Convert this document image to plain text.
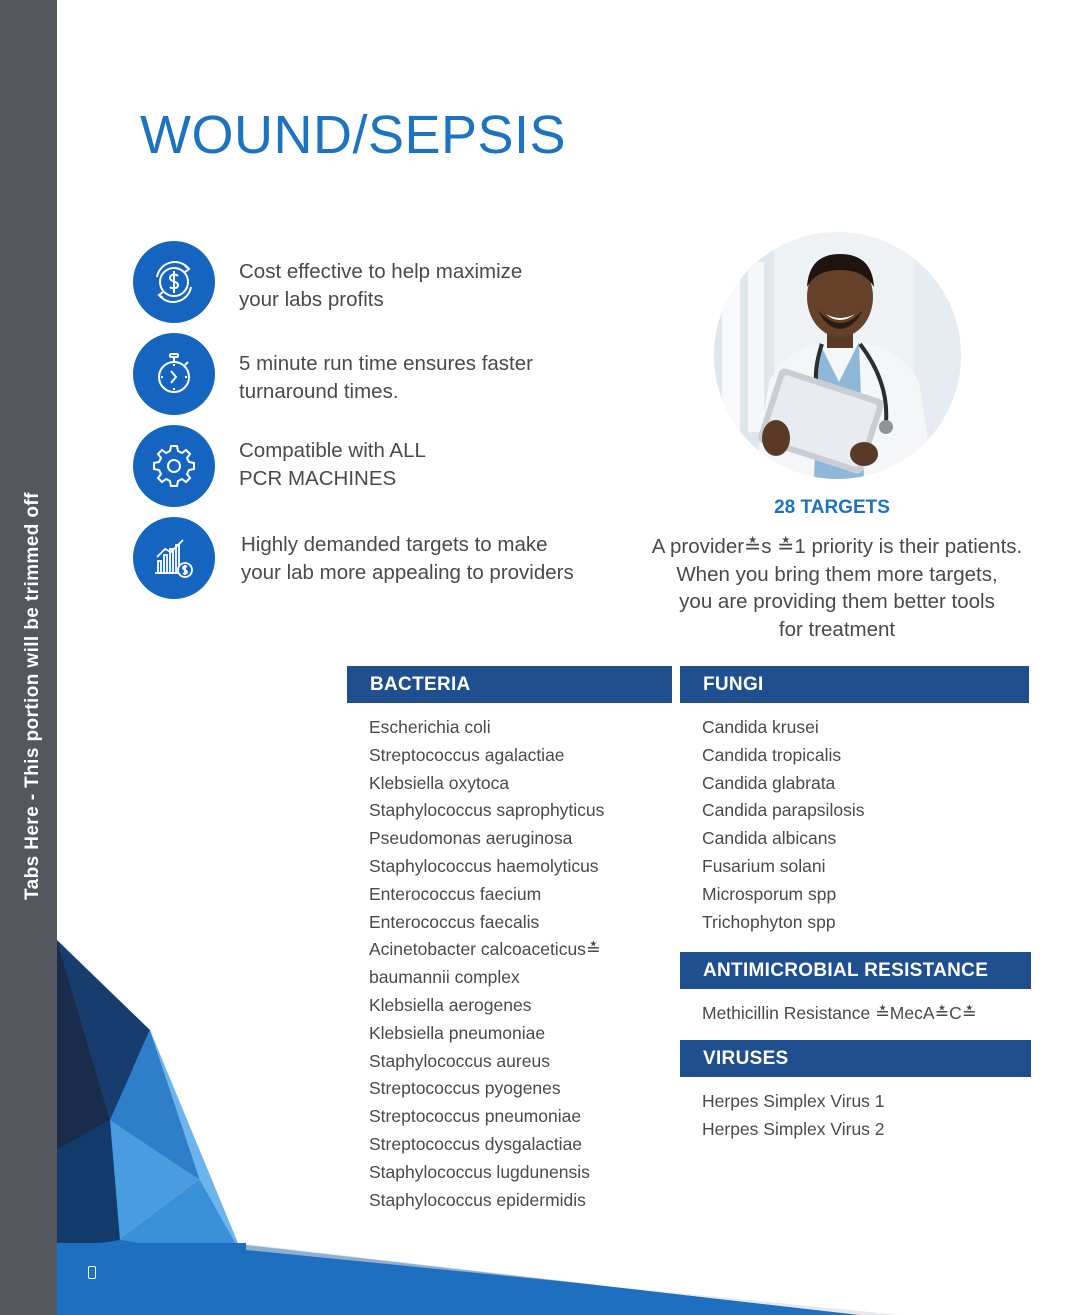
Tabs Here - This portion will be trimmed off
WOUND/SEPSIS
Cost effective to help maximize
your labs profits
5 minute run time ensures faster
turnaround times.
Compatible with ALL
PCR MACHINES
Highly demanded targets to make
your lab more appealing to providers
28 TARGETS
A provider≛s ≛1 priority is their patients.
When you bring them more targets,
you are providing them better tools
for treatment
BACTERIA
Escherichia coli
Streptococcus agalactiae
Klebsiella oxytoca
Staphylococcus saprophyticus
Pseudomonas aeruginosa
Staphylococcus haemolyticus
Enterococcus faecium
Enterococcus faecalis
Acinetobacter calcoaceticus≛
baumannii complex
Klebsiella aerogenes
Klebsiella pneumoniae
Staphylococcus aureus
Streptococcus pyogenes
Streptococcus pneumoniae
Streptococcus dysgalactiae
Staphylococcus lugdunensis
Staphylococcus epidermidis
FUNGI
Candida krusei
Candida tropicalis
Candida glabrata
Candida parapsilosis
Candida albicans
Fusarium solani
Microsporum spp
Trichophyton spp
ANTIMICROBIAL RESISTANCE
Methicillin Resistance ≛MecA≛C≛
VIRUSES
Herpes Simplex Virus 1
Herpes Simplex Virus 2
